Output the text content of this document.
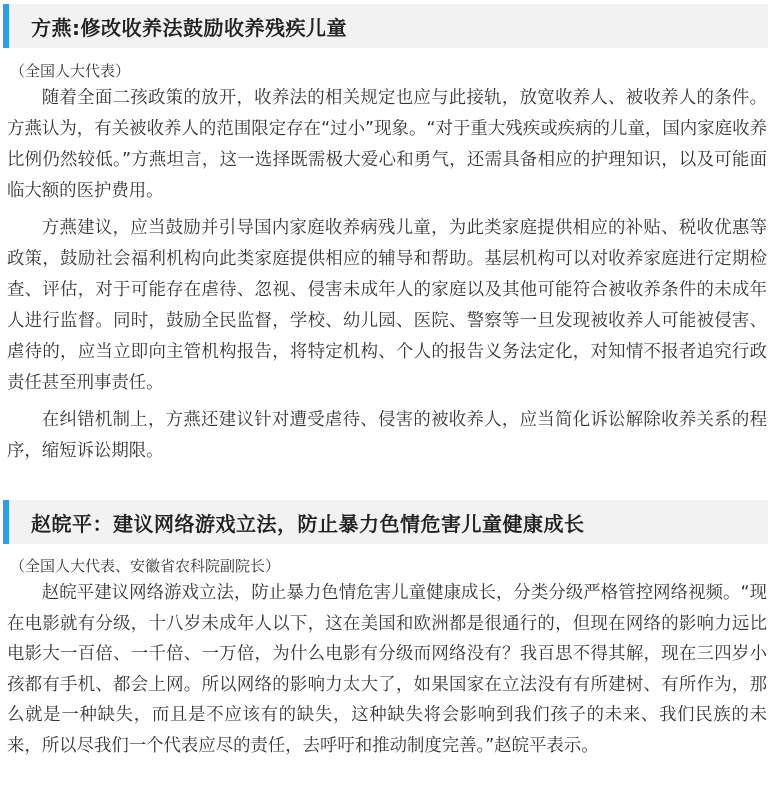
方燕:修改收养法鼓励收养残疾儿童
（全国人大代表）

随着全面二孩政策的放开，收养法的相关规定也应与此接轨，放宽收养人、被收养人的条件。方燕认为，有关被收养人的范围限定存在“过小”现象。“对于重大残疾或疾病的儿童，国内家庭收养比例仍然较低。”方燕坦言，这一选择既需极大爱心和勇气，还需具备相应的护理知识，以及可能面临大额的医护费用。

方燕建议，应当鼓励并引导国内家庭收养病残儿童，为此类家庭提供相应的补贴、税收优惠等政策，鼓励社会福利机构向此类家庭提供相应的辅导和帮助。基层机构可以对收养家庭进行定期检查、评估，对于可能存在虐待、忽视、侵害未成年人的家庭以及其他可能符合被收养条件的未成年人进行监督。同时，鼓励全民监督，学校、幼儿园、医院、警察等一旦发现被收养人可能被侵害、虐待的，应当立即向主管机构报告，将特定机构、个人的报告义务法定化，对知情不报者追究行政责任甚至刑事责任。

在纠错机制上，方燕还建议针对遭受虐待、侵害的被收养人，应当简化诉讼解除收养关系的程序，缩短诉讼期限。

赵皖平：建议网络游戏立法，防止暴力色情危害儿童健康成长
（全国人大代表、安徽省农科院副院长）

赵皖平建议网络游戏立法，防止暴力色情危害儿童健康成长，分类分级严格管控网络视频。“现在电影就有分级，十八岁未成年人以下，这在美国和欧洲都是很通行的，但现在网络的影响力远比电影大一百倍、一千倍、一万倍，为什么电影有分级而网络没有？我百思不得其解，现在三四岁小孩都有手机、都会上网。所以网络的影响力太大了，如果国家在立法没有有所建树、有所作为，那么就是一种缺失，而且是不应该有的缺失，这种缺失将会影响到我们孩子的未来、我们民族的未来，所以尽我们一个代表应尽的责任，去呼吁和推动制度完善。”赵皖平表示。
